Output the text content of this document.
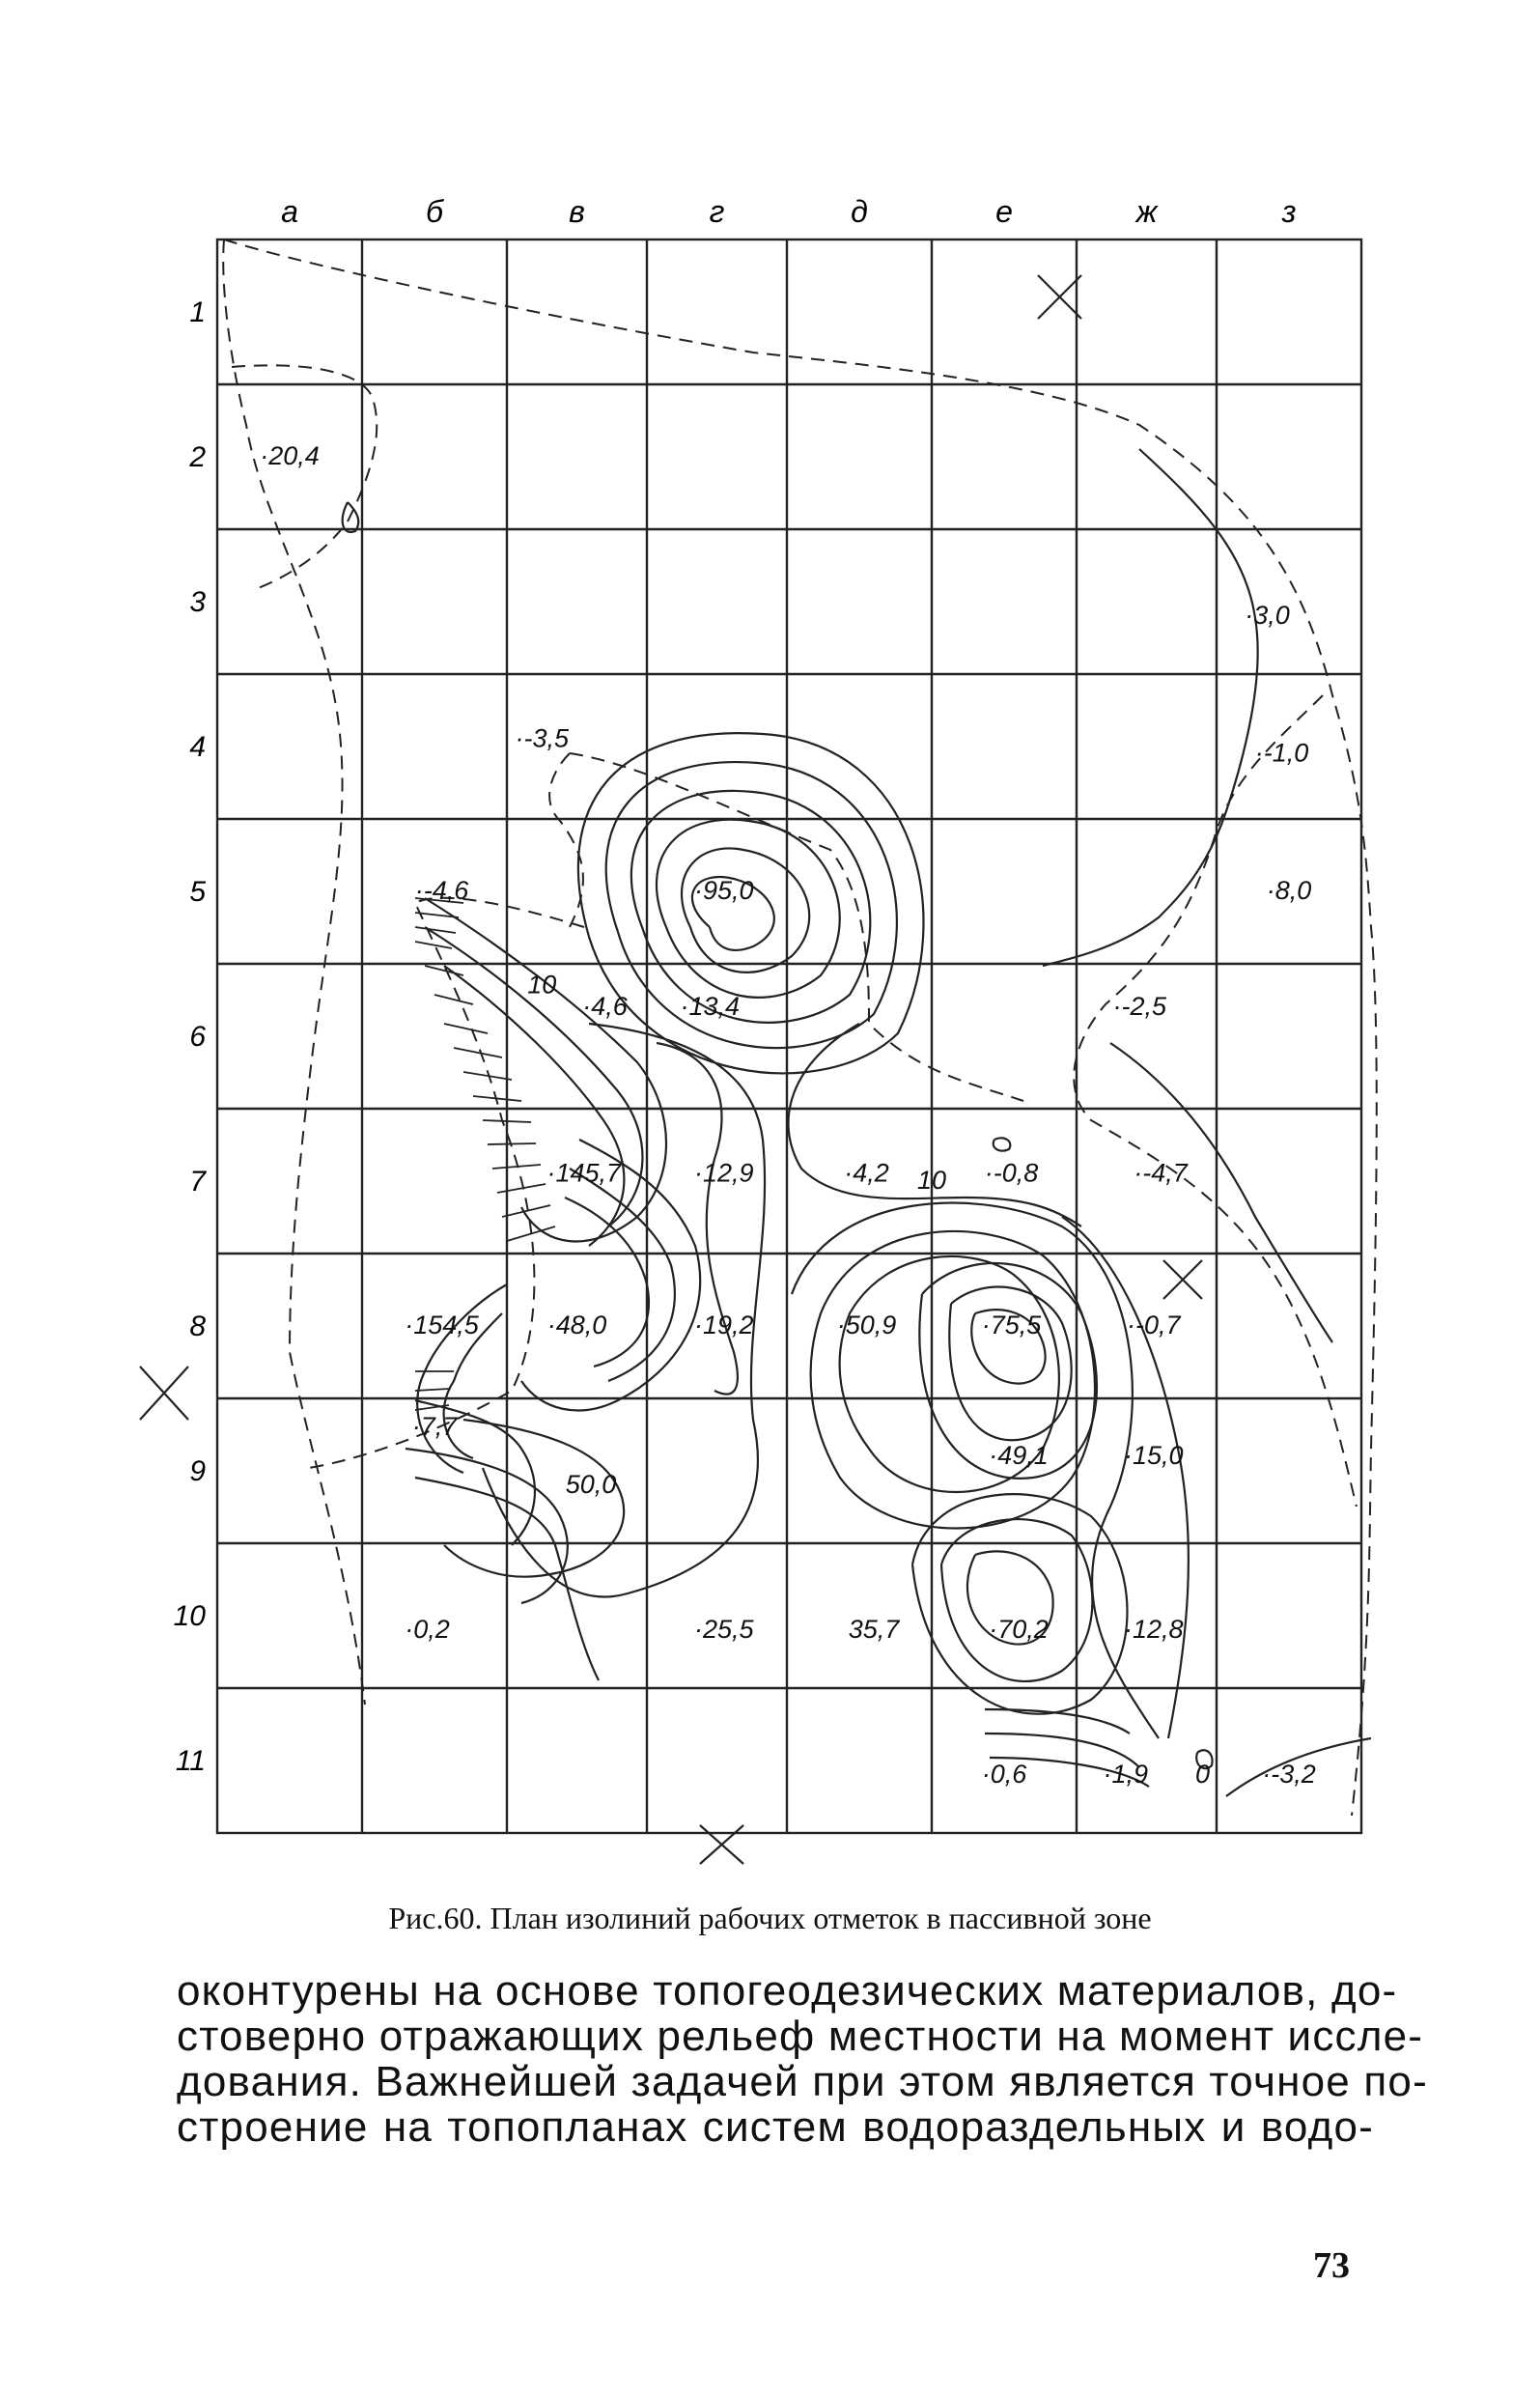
а	б	в	г	д	е	ж	з
1
2
3
4
5
6
7
8
9
10
11
·20,4
·3,0
·-1,0
·8,0
·-3,5
·-4,6	·95,0
10
·4,6 ·13,4	·-2,5
·145,7	·12,9	·4,2 10 ·-0,8	·-4,7
·154,5	·48,0	·19,2	·50,9	·75,5	·-0,7
·7,7
50,0
·49,1	·15,0
·0,2	·25,5	35,7	·70,2	·12,8
·0,6	·1,9 0 ·-3,2
Рис.60. План изолиний рабочих отметок в пассивной зоне
оконтурены на основе топогеодезических материалов, до-
стоверно отражающих рельеф местности на момент иссле-
дования. Важнейшей задачей при этом является точное по-
строение на топопланах систем водораздельных и водо-
73
